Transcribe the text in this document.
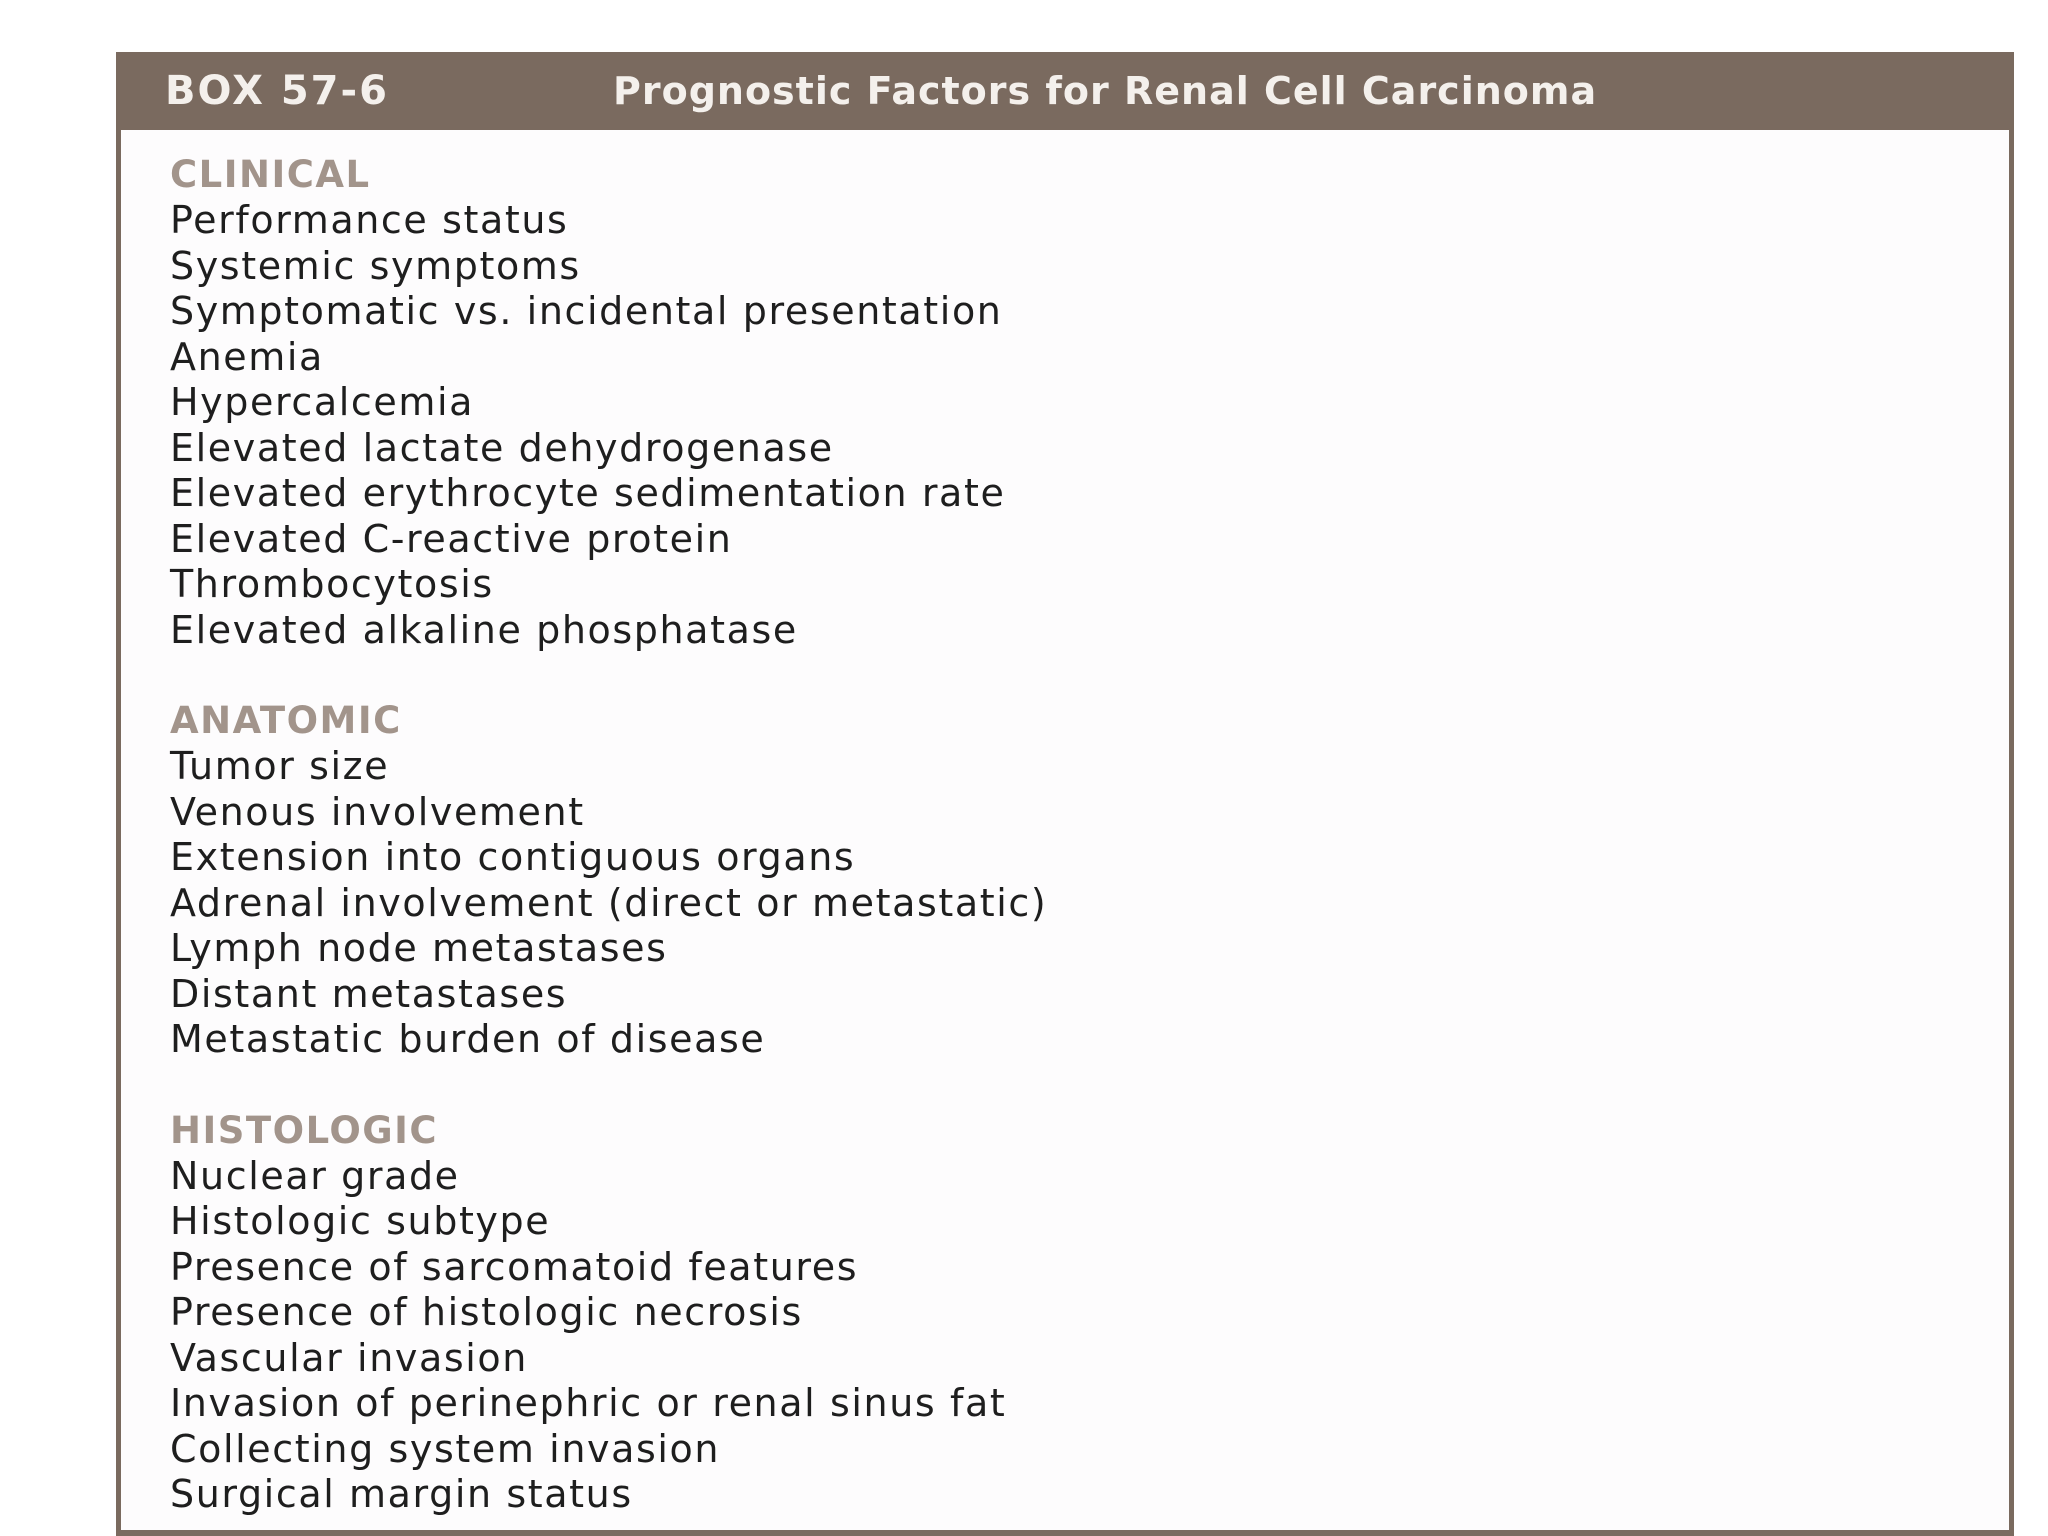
BOX 57-6	Prognostic Factors for Renal Cell Carcinoma
CLINICAL
Performance status
Systemic symptoms
Symptomatic vs. incidental presentation
Anemia
Hypercalcemia
Elevated lactate dehydrogenase
Elevated erythrocyte sedimentation rate
Elevated C-reactive protein
Thrombocytosis
Elevated alkaline phosphatase
ANATOMIC
Tumor size
Venous involvement
Extension into contiguous organs
Adrenal involvement (direct or metastatic)
Lymph node metastases
Distant metastases
Metastatic burden of disease
HISTOLOGIC
Nuclear grade
Histologic subtype
Presence of sarcomatoid features
Presence of histologic necrosis
Vascular invasion
Invasion of perinephric or renal sinus fat
Collecting system invasion
Surgical margin status
